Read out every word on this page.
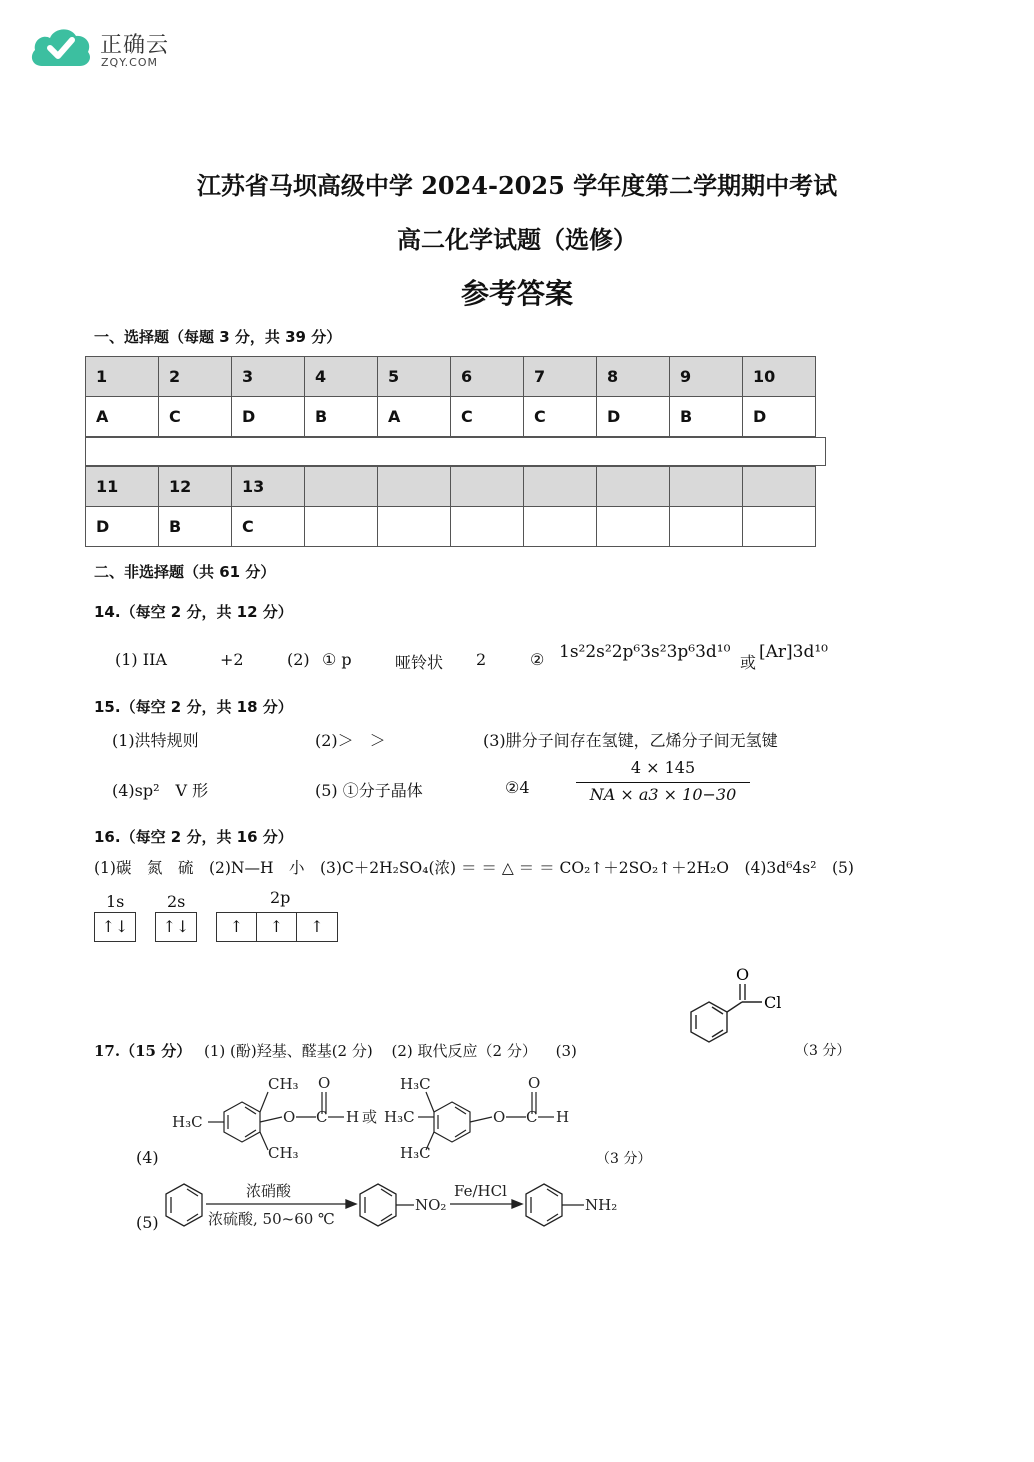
正确云
ZQY.COM
江苏省马坝高级中学 2024-2025 学年度第二学期期中考试
高二化学试题（选修）
参考答案
一、选择题（每题 3 分，共 39 分）
1	2	3	4	5	6	7	8	9	10
A	C	D	B	A	C	C	D	B	D
11	12	13							
D	B	C							
二、非选择题（共 61 分）
14.（每空 2 分，共 12 分）
(1) IIA	+2	(2) ① p	哑铃状 2	② 1s²2s²2p⁶3s²3p⁶3d¹⁰
或
[Ar]3d¹⁰
15.（每空 2 分，共 18 分）
(1)洪特规则	(2)＞　＞	(3)肼分子间存在氢键，乙烯分子间无氢键
(4)sp²　V 形	(5) ①分子晶体	②4
4 × 145
NA × a3 × 10−30
16.（每空 2 分，共 16 分）
(1)碳　氮　硫　(2)N—H　小　(3)C＋2H₂SO₄(浓) ＝ ＝ △ ＝ ＝ CO₂↑＋2SO₂↑＋2H₂O　(4)3d⁶4s²　(5)
1s	2s	2p
↑↓	↑↓	↑ ↑ ↑
17.（15 分） (1) (酚)羟基、醛基(2 分) (2) 取代反应（2 分） (3)
O
Cl
（3 分）
CH₃
H₃C
CH₃
O C
O
H 或
H₃C
H₃C
H₃C
O C
O
H
(4)	（3 分）
(5)
浓硝酸
浓硫酸, 50~60 ℃
NO₂
Fe/HCl
NH₂
